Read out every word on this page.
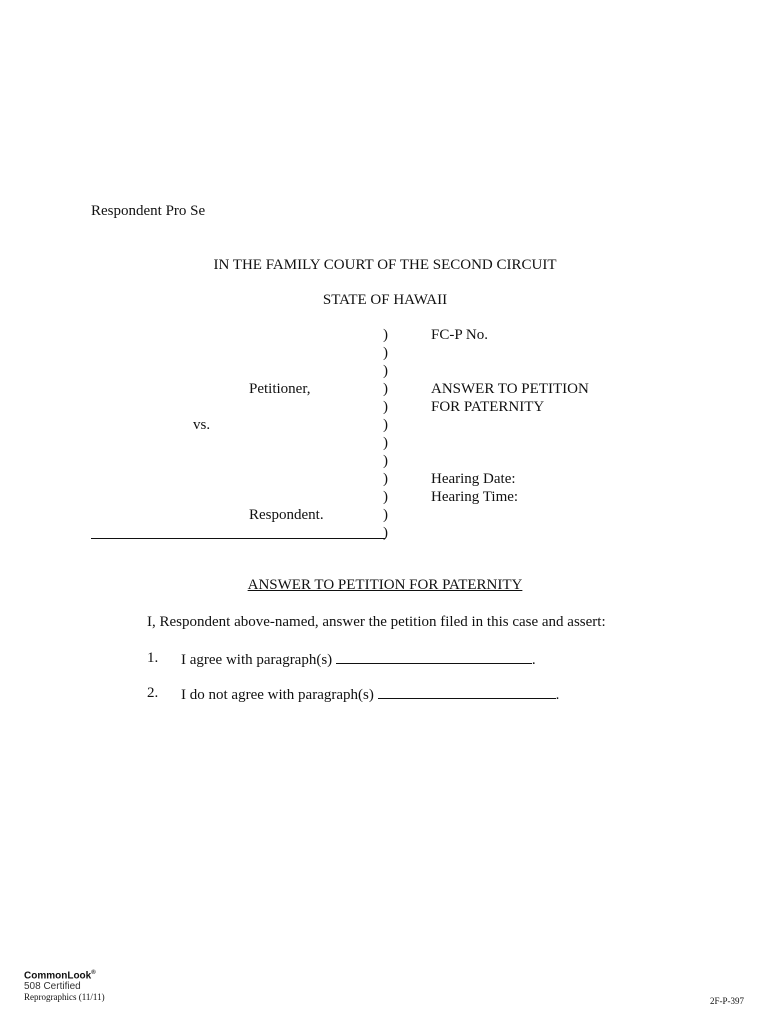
Respondent Pro Se
IN THE FAMILY COURT OF THE SECOND CIRCUIT
STATE OF HAWAII
)
)
)
)
)
)
)
)
)
)
)
)
Petitioner,
vs.
Respondent.
FC-P No.
ANSWER TO PETITION
FOR PATERNITY
Hearing Date:
Hearing Time:
ANSWER TO PETITION FOR PATERNITY
I, Respondent above-named, answer the petition filed in this case and assert:
1. I agree with paragraph(s)	.
2. I do not agree with paragraph(s)	.
CommonLook®
508 Certified
Reprographics (11/11)	2F-P-397
